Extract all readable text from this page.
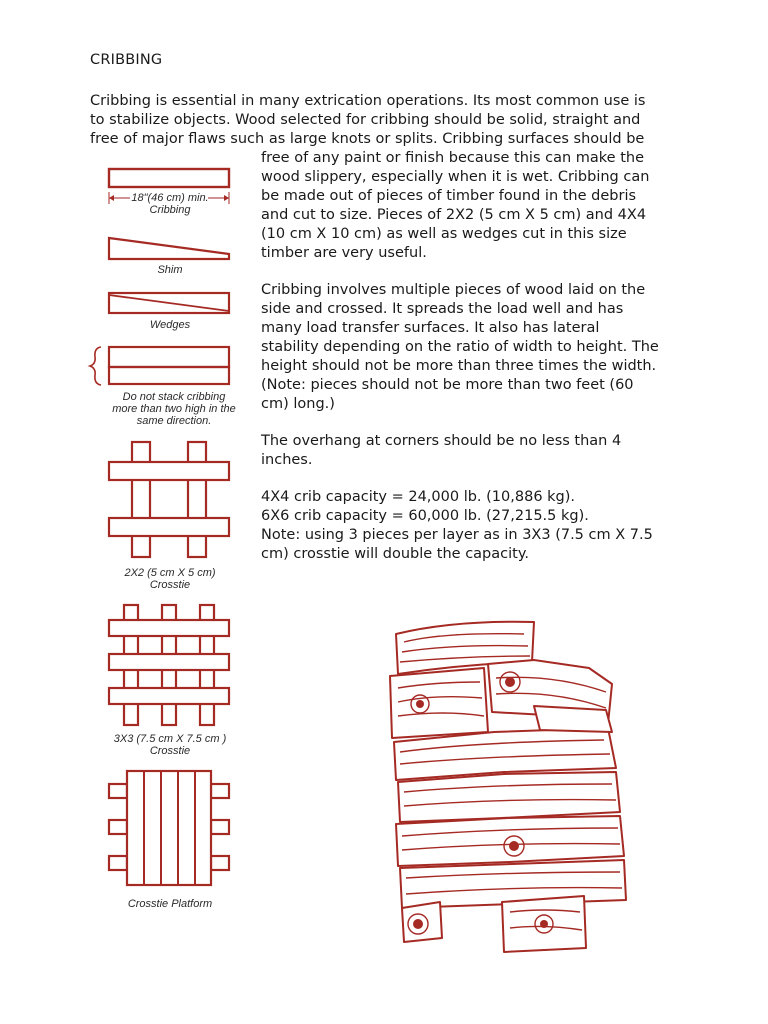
CRIBBING
Cribbing is essential in many extrication operations. Its most common use is
to stabilize objects. Wood selected for cribbing should be solid, straight and
free of major flaws such as large knots or splits. Cribbing surfaces should be
free of any paint or finish because this can make the
wood slippery, especially when it is wet. Cribbing can
be made out of pieces of timber found in the debris
and cut to size. Pieces of 2X2 (5 cm X 5 cm) and 4X4
(10 cm X 10 cm) as well as wedges cut in this size
timber are very useful.
Cribbing involves multiple pieces of wood laid on the
side and crossed. It spreads the load well and has
many load transfer surfaces. It also has lateral
stability depending on the ratio of width to height. The
height should not be more than three times the width.
(Note: pieces should not be more than two feet (60
cm) long.)
The overhang at corners should be no less than 4
inches.
4X4 crib capacity = 24,000 lb. (10,886 kg).
6X6 crib capacity = 60,000 lb. (27,215.5 kg).
Note: using 3 pieces per layer as in 3X3 (7.5 cm X 7.5
cm) crosstie will double the capacity.
18"(46 cm) min.
Cribbing
Shim
Wedges
Do not stack cribbing
more than two high in the
same direction.
2X2 (5 cm X 5 cm)
Crosstie
3X3 (7.5 cm X 7.5 cm )
Crosstie
Crosstie Platform
